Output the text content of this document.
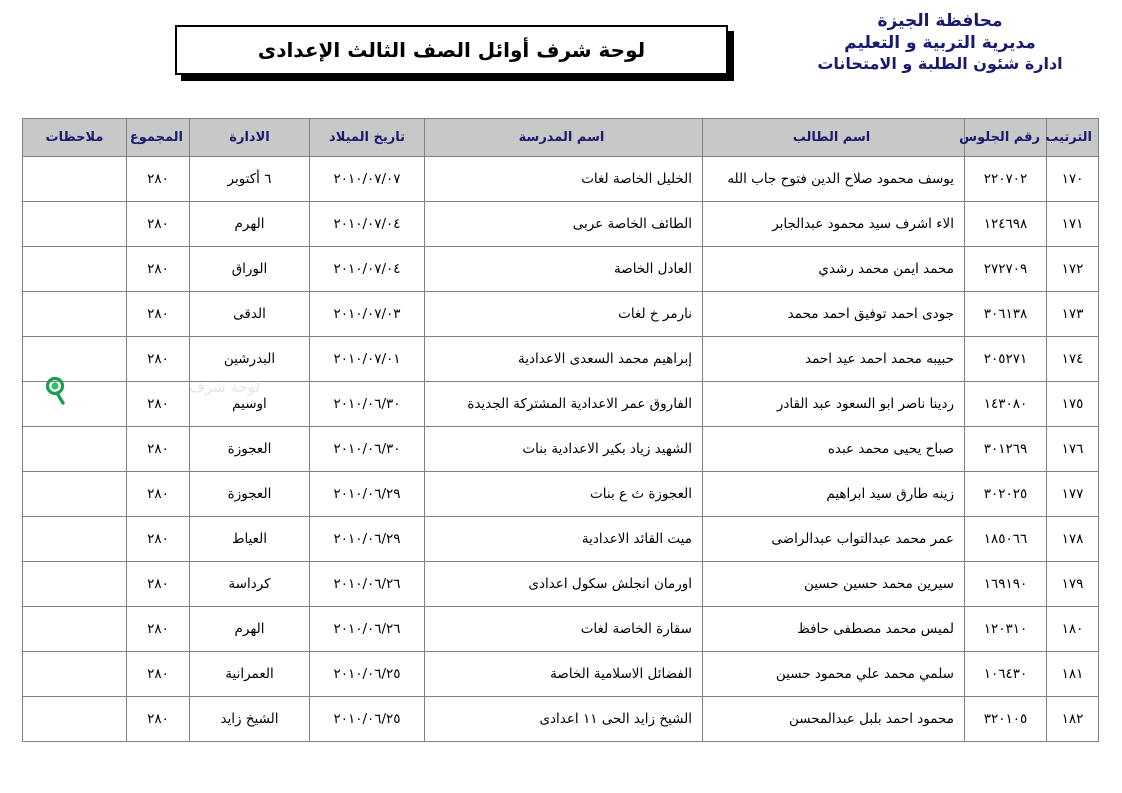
لوحة شرف أوائل الصف الثالث الإعدادى
محافظة الجيزة
مديرية التربية و التعليم
ادارة شئون الطلبة و الامتحانات
الترتيب	رقم الجلوس	اسم الطالب	اسم المدرسة	تاريخ الميلاد	الادارة	المجموع	ملاحظات
١٧٠	٢٢٠٧٠٢	يوسف محمود صلاح الدين فتوح جاب الله	الخليل الخاصة لغات	٢٠١٠/٠٧/٠٧	٦ أكتوبر	٢٨٠	
١٧١	١٢٤٦٩٨	الاء اشرف سيد محمود عبدالجابر	الطائف الخاصة عربى	٢٠١٠/٠٧/٠٤	الهرم	٢٨٠	
١٧٢	٢٧٢٧٠٩	محمد ايمن محمد رشدي	العادل الخاصة	٢٠١٠/٠٧/٠٤	الوراق	٢٨٠	
١٧٣	٣٠٦١٣٨	جودى احمد توفيق احمد محمد	نارمر خ لغات	٢٠١٠/٠٧/٠٣	الدقى	٢٨٠	
١٧٤	٢٠٥٢٧١	حبيبه محمد احمد عيد احمد	إبراهيم محمد السعدى الاعدادية	٢٠١٠/٠٧/٠١	البدرشين	٢٨٠	
١٧٥	١٤٣٠٨٠	ردينا ناصر ابو السعود عبد القادر	الفاروق عمر الاعدادية المشتركة الجديدة	٢٠١٠/٠٦/٣٠	اوسيم	٢٨٠	
١٧٦	٣٠١٢٦٩	صباح يحيى محمد عبده	الشهيد زياد بكير الاعدادية بنات	٢٠١٠/٠٦/٣٠	العجوزة	٢٨٠	
١٧٧	٣٠٢٠٢٥	زينه طارق سيد ابراهيم	العجوزة ث ع بنات	٢٠١٠/٠٦/٢٩	العجوزة	٢٨٠	
١٧٨	١٨٥٠٦٦	عمر محمد عبدالتواب عبدالراضى	ميت القائد الاعدادية	٢٠١٠/٠٦/٢٩	العياط	٢٨٠	
١٧٩	١٦٩١٩٠	سيرين محمد حسين حسين	اورمان انجلش سكول اعدادى	٢٠١٠/٠٦/٢٦	كرداسة	٢٨٠	
١٨٠	١٢٠٣١٠	لميس محمد مصطفى حافظ	سقارة الخاصة لغات	٢٠١٠/٠٦/٢٦	الهرم	٢٨٠	
١٨١	١٠٦٤٣٠	سلمي محمد علي محمود حسين	الفضائل الاسلامية الخاصة	٢٠١٠/٠٦/٢٥	العمرانية	٢٨٠	
١٨٢	٣٢٠١٠٥	محمود احمد بلبل عبدالمحسن	الشيخ زايد الحى ١١ اعدادى	٢٠١٠/٠٦/٢٥	الشيخ زايد	٢٨٠	
لوحة شرف
